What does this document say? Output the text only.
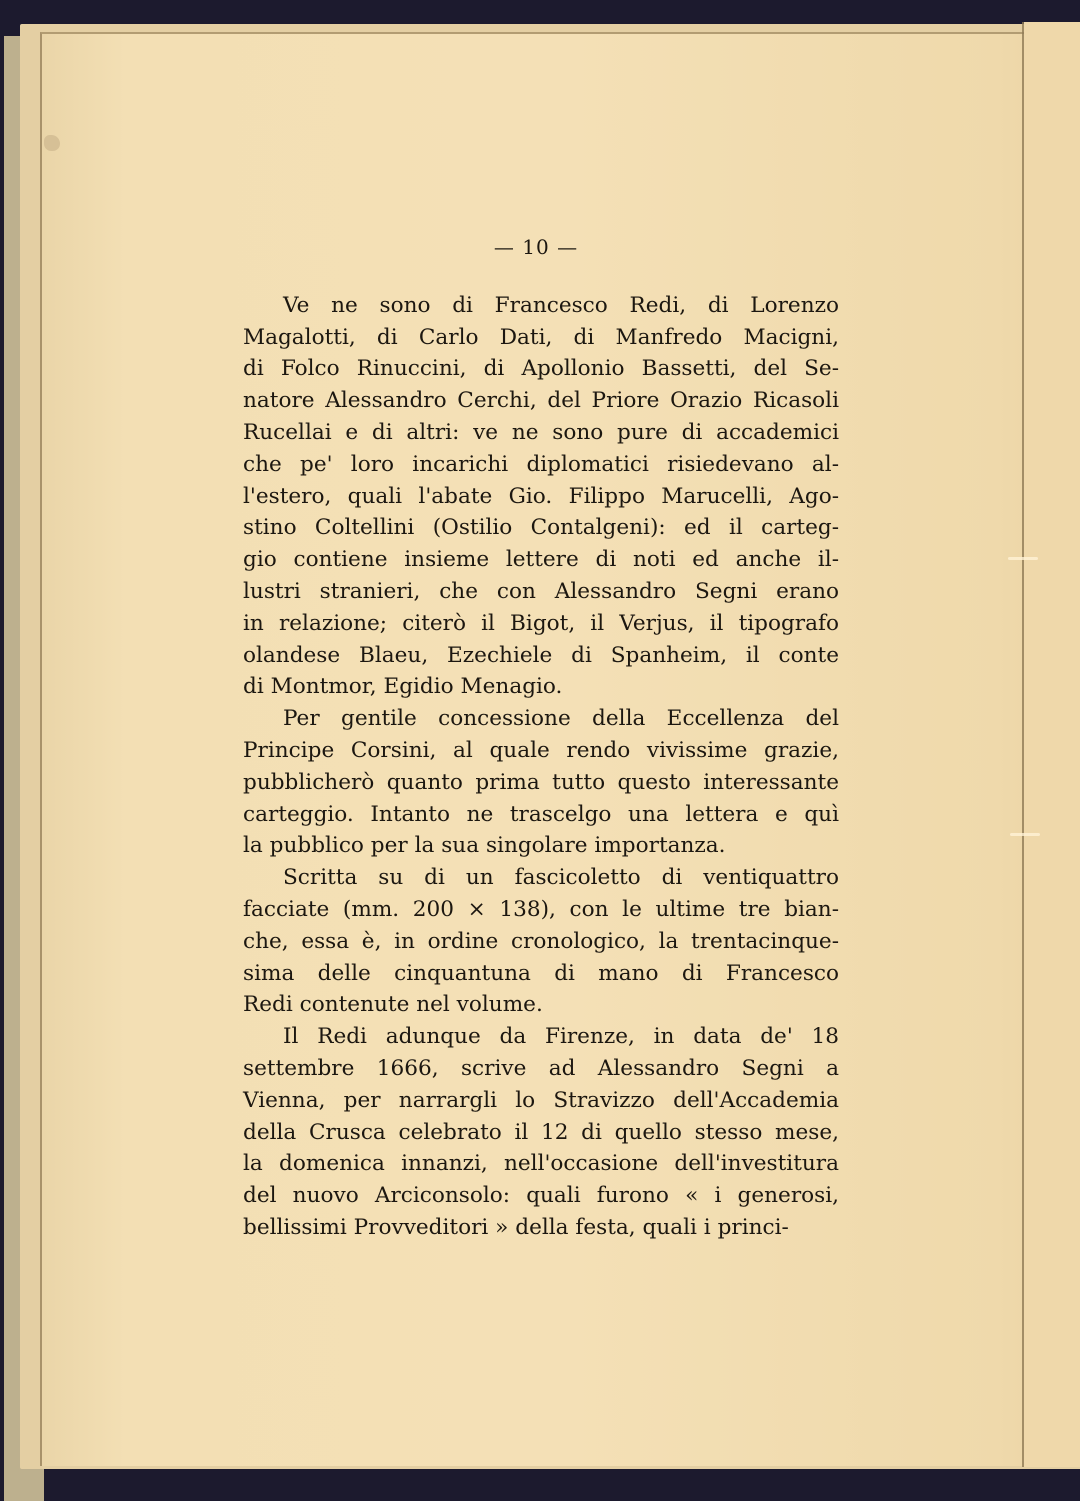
— 10 —
Ve ne sono di Francesco Redi, di Lorenzo
Magalotti, di Carlo Dati, di Manfredo Macigni,
di Folco Rinuccini, di Apollonio Bassetti, del Se-
natore Alessandro Cerchi, del Priore Orazio Ricasoli
Rucellai e di altri: ve ne sono pure di accademici
che pe' loro incarichi diplomatici risiedevano al-
l'estero, quali l'abate Gio. Filippo Marucelli, Ago-
stino Coltellini (Ostilio Contalgeni): ed il carteg-
gio contiene insieme lettere di noti ed anche il-
lustri stranieri, che con Alessandro Segni erano
in relazione; citerò il Bigot, il Verjus, il tipografo
olandese Blaeu, Ezechiele di Spanheim, il conte
di Montmor, Egidio Menagio.
Per gentile concessione della Eccellenza del
Principe Corsini, al quale rendo vivissime grazie,
pubblicherò quanto prima tutto questo interessante
carteggio. Intanto ne trascelgo una lettera e quì
la pubblico per la sua singolare importanza.
Scritta su di un fascicoletto di ventiquattro
facciate (mm. 200 × 138), con le ultime tre bian-
che, essa è, in ordine cronologico, la trentacinque-
sima delle cinquantuna di mano di Francesco
Redi contenute nel volume.
Il Redi adunque da Firenze, in data de' 18
settembre 1666, scrive ad Alessandro Segni a
Vienna, per narrargli lo Stravizzo dell'Accademia
della Crusca celebrato il 12 di quello stesso mese,
la domenica innanzi, nell'occasione dell'investitura
del nuovo Arciconsolo: quali furono « i generosi,
bellissimi Provveditori » della festa, quali i princi-
